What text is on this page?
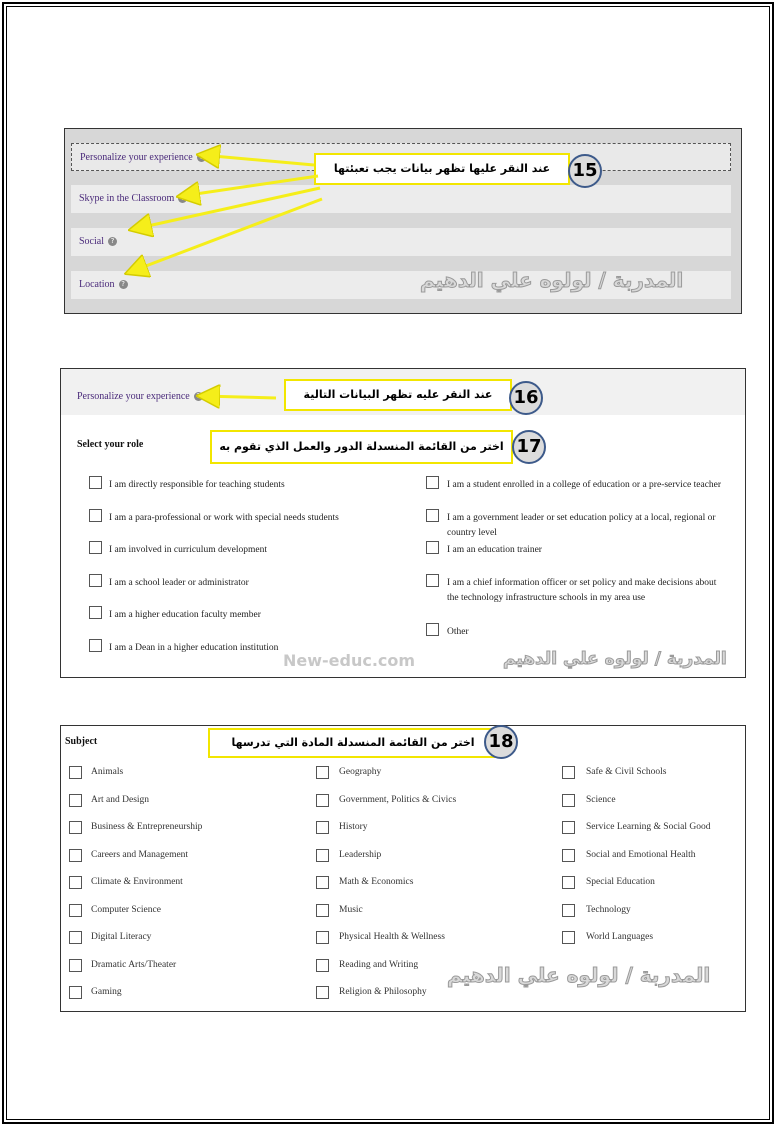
Personalize your experience ?
Skype in the Classroom ?
Social ?
Location ?
عند النقر عليها تظهر بيانات يجب تعبئتها	15
المدربة / لولوه علي الدهيم
Personalize your experience ?
Select your role
I am directly responsible for teaching students
I am a para-professional or work with special needs students
I am involved in curriculum development
I am a school leader or administrator
I am a higher education faculty member
I am a Dean in a higher education institution
I am a student enrolled in a college of education or a pre-service teacher
I am a government leader or set education policy at a local, regional or country level
I am an education trainer
I am a chief information officer or set policy and make decisions about the technology infrastructure schools in my area use
Other
New-educ.com	المدربة / لولوه علي الدهيم
عند النقر عليه تظهر البيانات التالية	16
اختر من القائمة المنسدلة الدور والعمل الذي تقوم به 17
Subject
Animals
Art and Design
Business & Entrepreneurship
Careers and Management
Climate & Environment
Computer Science
Digital Literacy
Dramatic Arts/Theater
Gaming
Geography
Government, Politics & Civics
History
Leadership
Math & Economics
Music
Physical Health & Wellness
Reading and Writing
Religion & Philosophy
Safe & Civil Schools
Science
Service Learning & Social Good
Social and Emotional Health
Special Education
Technology
World Languages
المدربة / لولوه علي الدهيم
اختر من القائمة المنسدلة المادة التي تدرسها 18
